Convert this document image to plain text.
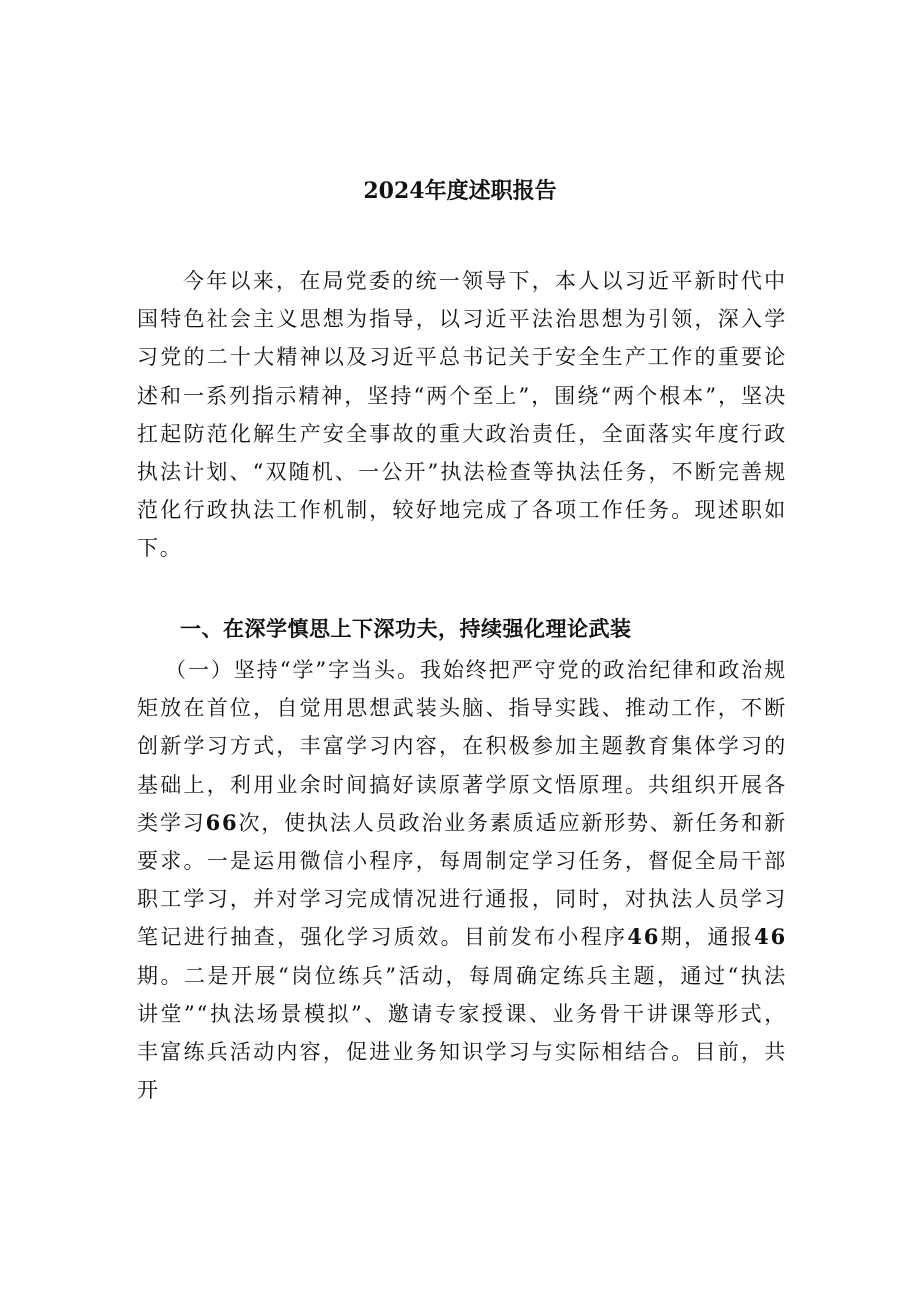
2024年度述职报告
今年以来，在局党委的统一领导下，本人以习近平新时代中国特色社会主义思想为指导，以习近平法治思想为引领，深入学习党的二十大精神以及习近平总书记关于安全生产工作的重要论述和一系列指示精神，坚持“两个至上”，围绕“两个根本”，坚决扛起防范化解生产安全事故的重大政治责任，全面落实年度行政执法计划、“双随机、一公开”执法检查等执法任务，不断完善规范化行政执法工作机制，较好地完成了各项工作任务。现述职如下。
一、在深学慎思上下深功夫，持续强化理论武装
（一）坚持“学”字当头。我始终把严守党的政治纪律和政治规矩放在首位，自觉用思想武装头脑、指导实践、推动工作，不断创新学习方式，丰富学习内容，在积极参加主题教育集体学习的基础上，利用业余时间搞好读原著学原文悟原理。共组织开展各类学习66次，使执法人员政治业务素质适应新形势、新任务和新要求。一是运用微信小程序，每周制定学习任务，督促全局干部职工学习，并对学习完成情况进行通报，同时，对执法人员学习笔记进行抽查，强化学习质效。目前发布小程序46期，通报46期。二是开展“岗位练兵”活动，每周确定练兵主题，通过“执法讲堂”“执法场景模拟”、邀请专家授课、业务骨干讲课等形式，丰富练兵活动内容，促进业务知识学习与实际相结合。目前，共开
